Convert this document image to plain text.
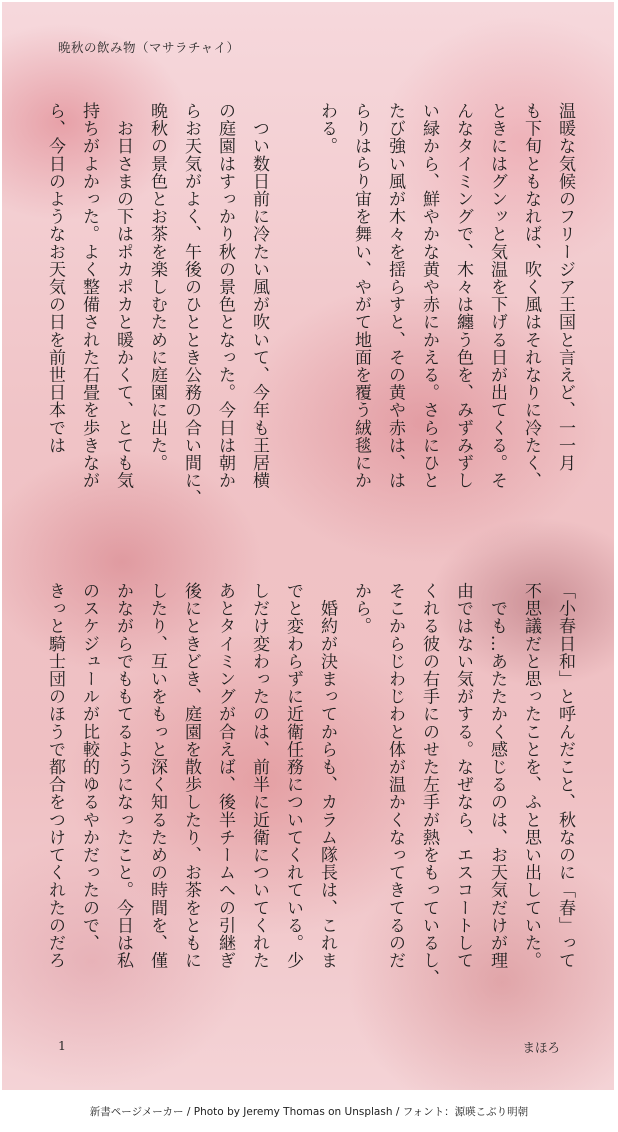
晩秋の飲み物（マサラチャイ）
温暖な気候のフリージア王国と言えど、一一月
も下旬ともなれば、吹く風はそれなりに冷たく、
ときにはグンッと気温を下げる日が出てくる。そ
んなタイミングで、木々は纏う色を、みずみずし
い緑から、鮮やかな黄や赤にかえる。さらにひと
たび強い風が木々を揺らすと、その黄や赤は、は
らりはらり宙を舞い、やがて地面を覆う絨毯にか
わる。

　つい数日前に冷たい風が吹いて、今年も王居横
の庭園はすっかり秋の景色となった。今日は朝か
らお天気がよく、午後のひととき公務の合い間に、
晩秋の景色とお茶を楽しむために庭園に出た。
　お日さまの下はポカポカと暖かくて、とても気
持ちがよかった。よく整備された石畳を歩きなが
ら、今日のようなお天気の日を前世日本では
「小春日和」と呼んだこと、秋なのに「春」って
不思議だと思ったことを、ふと思い出していた。
　でも…あたたかく感じるのは、お天気だけが理
由ではない気がする。なぜなら、エスコートして
くれる彼の右手にのせた左手が熱をもっているし、
そこからじわじわと体が温かくなってきてるのだ
から。
　婚約が決まってからも、カラム隊長は、これま
でと変わらずに近衛任務についてくれている。少
しだけ変わったのは、前半に近衛についてくれた
あとタイミングが合えば、後半チームへの引継ぎ
後にときどき、庭園を散歩したり、お茶をともに
したり、互いをもっと深く知るための時間を、僅
かながらでももてるようになったこと。今日は私
のスケジュールが比較的ゆるやかだったので、
きっと騎士団のほうで都合をつけてくれたのだろ
1	まほろ
新書ページメーカー / Photo by Jeremy Thomas on Unsplash / フォント：源暎こぶり明朝
